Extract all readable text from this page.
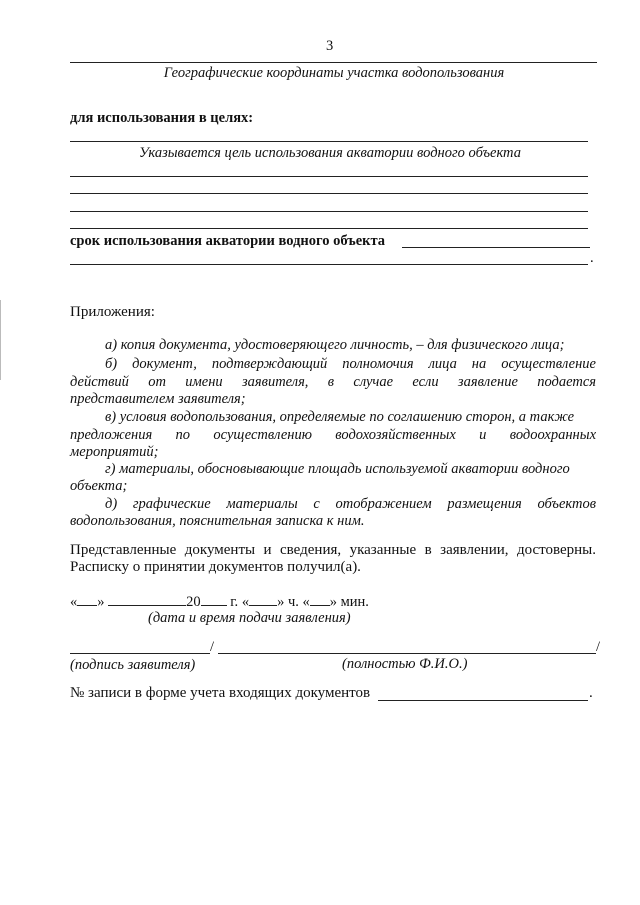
3
Географические координаты участка водопользования
для использования в целях:
Указывается цель использования акватории водного объекта
срок использования акватории водного объекта
.
Приложения:
а) копия документа, удостоверяющего личность, – для физического лица;
б) документ, подтверждающий полномочия лица на осуществление
действий от имени заявителя, в случае если заявление подается
представителем заявителя;
в) условия водопользования, определяемые по соглашению сторон, а также
предложения по осуществлению водохозяйственных и водоохранных
мероприятий;
г) материалы, обосновывающие площадь используемой акватории водного
объекта;
д) графические материалы с отображением размещения объектов
водопользования, пояснительная записка к ним.
Представленные документы и сведения, указанные в заявлении, достоверны.
Расписку о принятии документов получил(а).
« »	20 г. « » ч. « » мин.
(дата и время подачи заявления)
/	/
(подпись заявителя)	(полностью Ф.И.О.)
№ записи в форме учета входящих документов	.
